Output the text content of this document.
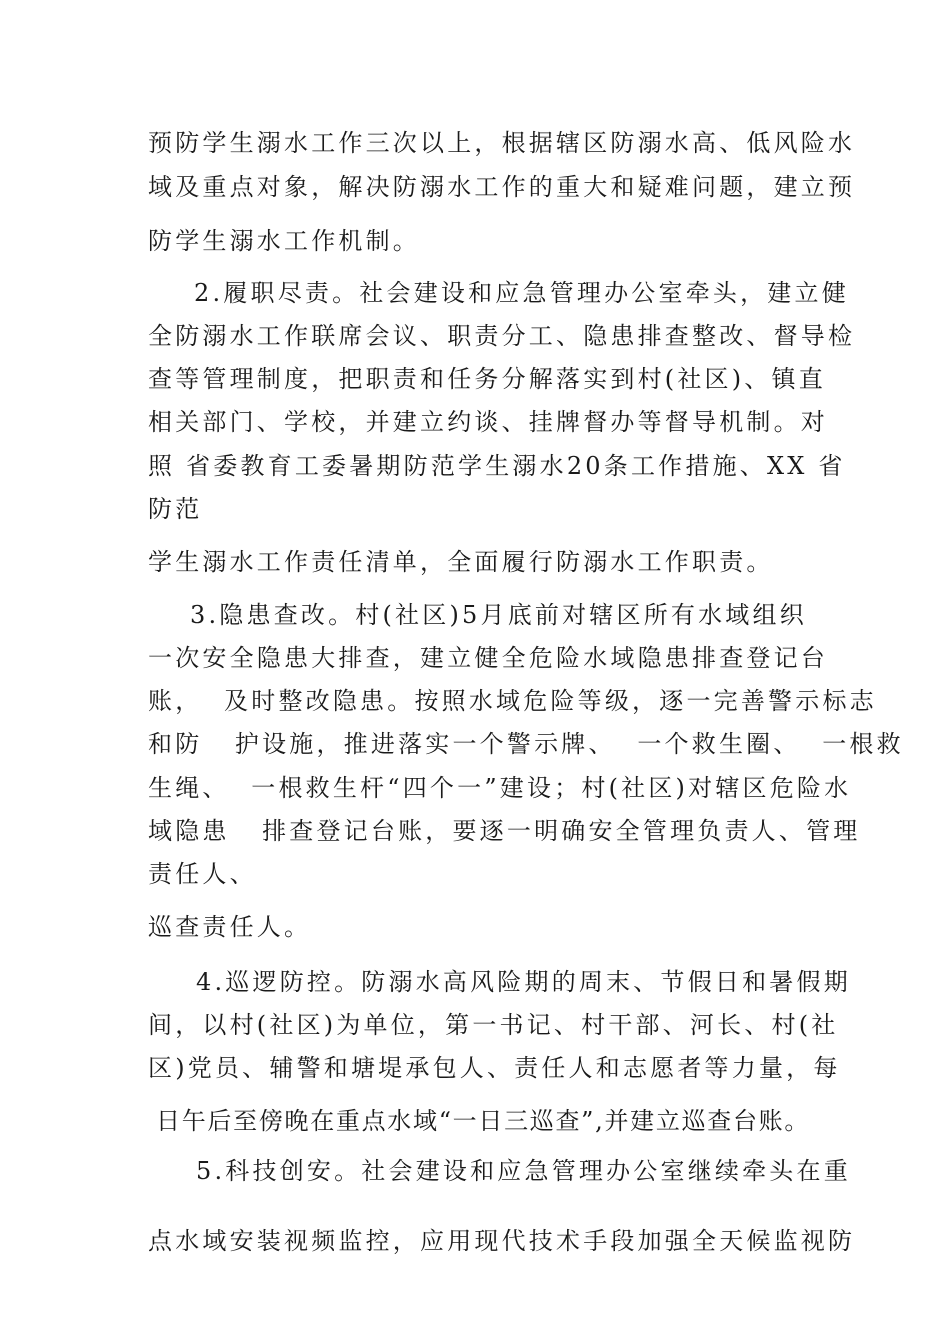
预防学生溺水工作三次以上，根据辖区防溺水高、低风险水
域及重点对象，解决防溺水工作的重大和疑难问题，建立预
防学生溺水工作机制。
2.履职尽责。社会建设和应急管理办公室牵头，建立健
全防溺水工作联席会议、职责分工、隐患排查整改、督导检
查等管理制度，把职责和任务分解落实到村(社区)、镇直
相关部门、学校，并建立约谈、挂牌督办等督导机制。对
照 省委教育工委暑期防范学生溺水20条工作措施、XX 省
防范
学生溺水工作责任清单，全面履行防溺水工作职责。
3.隐患查改。村(社区)5月底前对辖区所有水域组织
一次安全隐患大排查，建立健全危险水域隐患排查登记台
账，  及时整改隐患。按照水域危险等级，逐一完善警示标志
和防   护设施，推进落实一个警示牌、  一个救生圈、  一根救
生绳、  一根救生杆“四个一”建设；村(社区)对辖区危险水
域隐患   排查登记台账，要逐一明确安全管理负责人、管理
责任人、
巡查责任人。
4.巡逻防控。防溺水高风险期的周末、节假日和暑假期
间，以村(社区)为单位，第一书记、村干部、河长、村(社
区)党员、辅警和塘堤承包人、责任人和志愿者等力量，每
日午后至傍晚在重点水域“一日三巡查”,并建立巡查台账。
5.科技创安。社会建设和应急管理办公室继续牵头在重
点水域安装视频监控，应用现代技术手段加强全天候监视防
